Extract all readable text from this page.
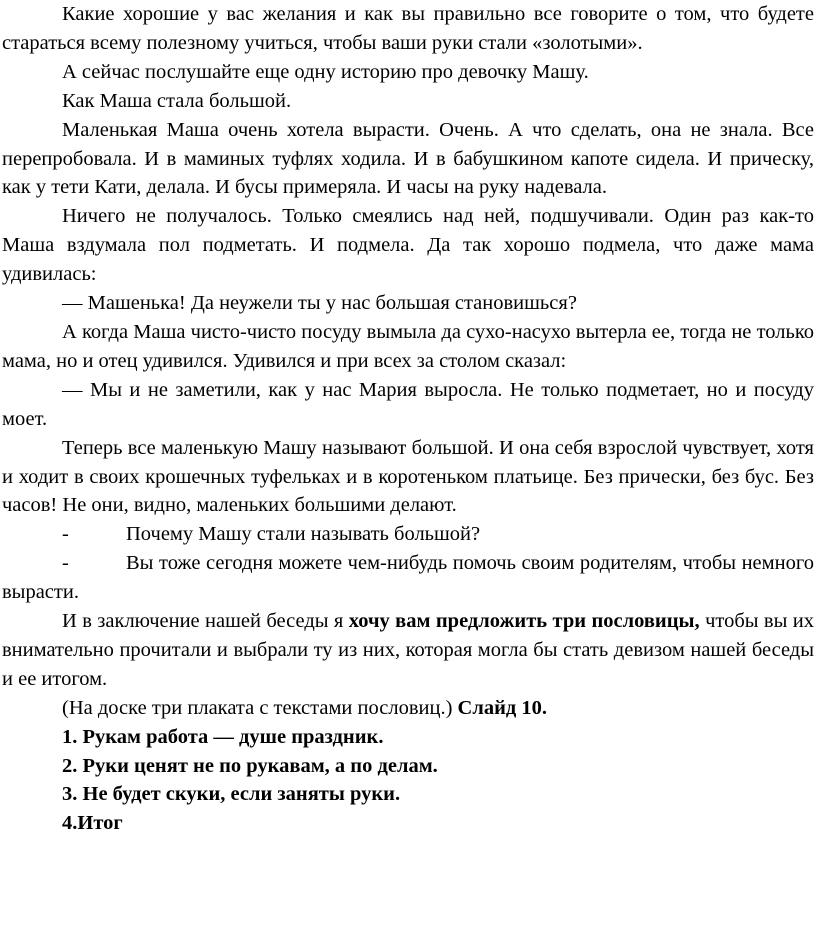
Какие хорошие у вас желания и как вы правильно все говорите о том, что будете стараться всему полезному учиться, чтобы ваши руки стали «золотыми».

А сейчас послушайте еще одну историю про девочку Машу.

Как Маша стала большой.

Маленькая Маша очень хотела вырасти. Очень. А что сделать, она не знала. Все перепробовала. И в маминых туфлях ходила. И в бабушкином капоте сидела. И прическу, как у тети Кати, делала. И бусы примеряла. И часы на руку надевала.

Ничего не получалось. Только смеялись над ней, подшучивали. Один раз как-то Маша вздумала пол подметать. И подмела. Да так хорошо подмела, что даже мама удивилась:

— Машенька! Да неужели ты у нас большая становишься?

А когда Маша чисто-чисто посуду вымыла да сухо-насухо вытерла ее, тогда не только мама, но и отец удивился. Удивился и при всех за столом сказал:

— Мы и не заметили, как у нас Мария выросла. Не только подметает, но и посуду моет.

Теперь все маленькую Машу называют большой. И она себя взрослой чувствует, хотя и ходит в своих крошечных туфельках и в коротеньком платьице. Без прически, без бус. Без часов! Не они, видно, маленьких большими делают.

-	Почему Машу стали называть большой?

-	Вы тоже сегодня можете чем-нибудь помочь своим родителям, чтобы немного вырасти.

И в заключение нашей беседы я хочу вам предложить три пословицы, чтобы вы их внимательно прочитали и выбрали ту из них, которая могла бы стать девизом нашей беседы и ее итогом.

(На доске три плаката с текстами пословиц.) Слайд 10.

1. Рукам работа — душе праздник.

2. Руки ценят не по рукавам, а по делам.

3. Не будет скуки, если заняты руки.

4.Итог
